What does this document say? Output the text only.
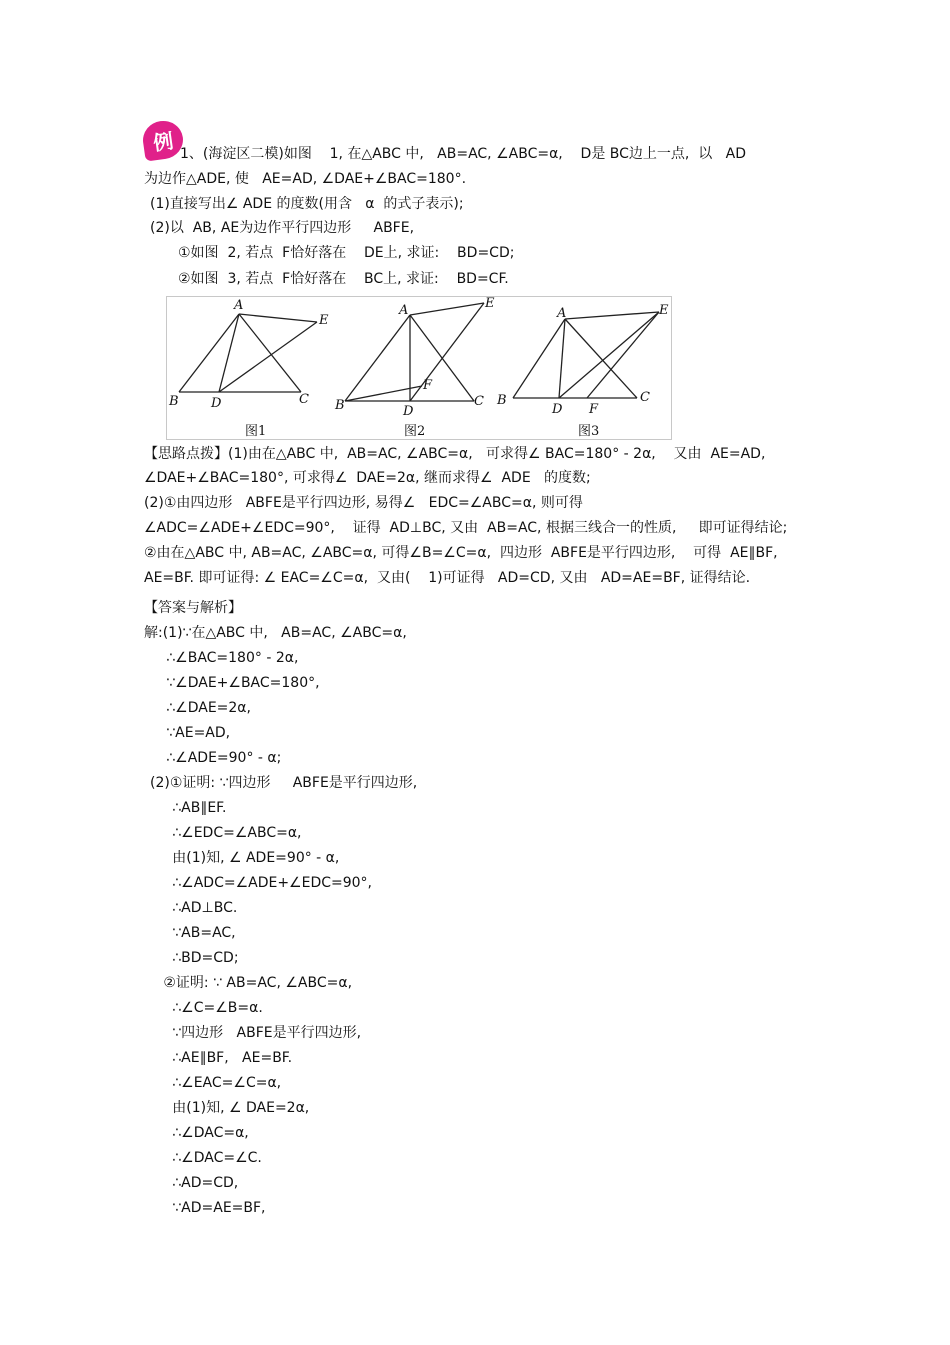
例 1、(海淀区二模)如图    1, 在△ABC 中,   AB=AC, ∠ABC=α,    D是 BC边上一点,  以   AD
为边作△ADE, 使   AE=AD, ∠DAE+∠BAC=180°.
(1)直接写出∠ ADE 的度数(用含   α  的式子表示);
(2)以  AB, AE为边作平行四边形     ABFE,
①如图  2, 若点  F恰好落在    DE上, 求证:    BD=CD;
②如图  3, 若点  F恰好落在    BC上, 求证:    BD=CF.
A
B	C
D
E
图1
A
B	C
D
E
F
图2
A
B	C
D
E
F
图3
【思路点拨】(1)由在△ABC 中,  AB=AC, ∠ABC=α,   可求得∠ BAC=180° - 2α,    又由  AE=AD,
∠DAE+∠BAC=180°, 可求得∠  DAE=2α, 继而求得∠  ADE   的度数;
(2)①由四边形   ABFE是平行四边形, 易得∠   EDC=∠ABC=α, 则可得
∠ADC=∠ADE+∠EDC=90°,    证得  AD⊥BC, 又由  AB=AC, 根据三线合一的性质,     即可证得结论;
②由在△ABC 中, AB=AC, ∠ABC=α, 可得∠B=∠C=α,  四边形  ABFE是平行四边形,    可得  AE∥BF,
AE=BF. 即可证得: ∠ EAC=∠C=α,  又由(    1)可证得   AD=CD, 又由   AD=AE=BF, 证得结论.
【答案与解析】
解:(1)∵在△ABC 中,   AB=AC, ∠ABC=α,
∴∠BAC=180° - 2α,
∵∠DAE+∠BAC=180°,
∴∠DAE=2α,
∵AE=AD,
∴∠ADE=90° - α;
(2)①证明: ∵四边形     ABFE是平行四边形,
∴AB∥EF.
∴∠EDC=∠ABC=α,
由(1)知, ∠ ADE=90° - α,
∴∠ADC=∠ADE+∠EDC=90°,
∴AD⊥BC.
∵AB=AC,
∴BD=CD;
②证明: ∵ AB=AC, ∠ABC=α,
∴∠C=∠B=α.
∵四边形   ABFE是平行四边形,
∴AE∥BF,   AE=BF.
∴∠EAC=∠C=α,
由(1)知, ∠ DAE=2α,
∴∠DAC=α,
∴∠DAC=∠C.
∴AD=CD,
∵AD=AE=BF,
